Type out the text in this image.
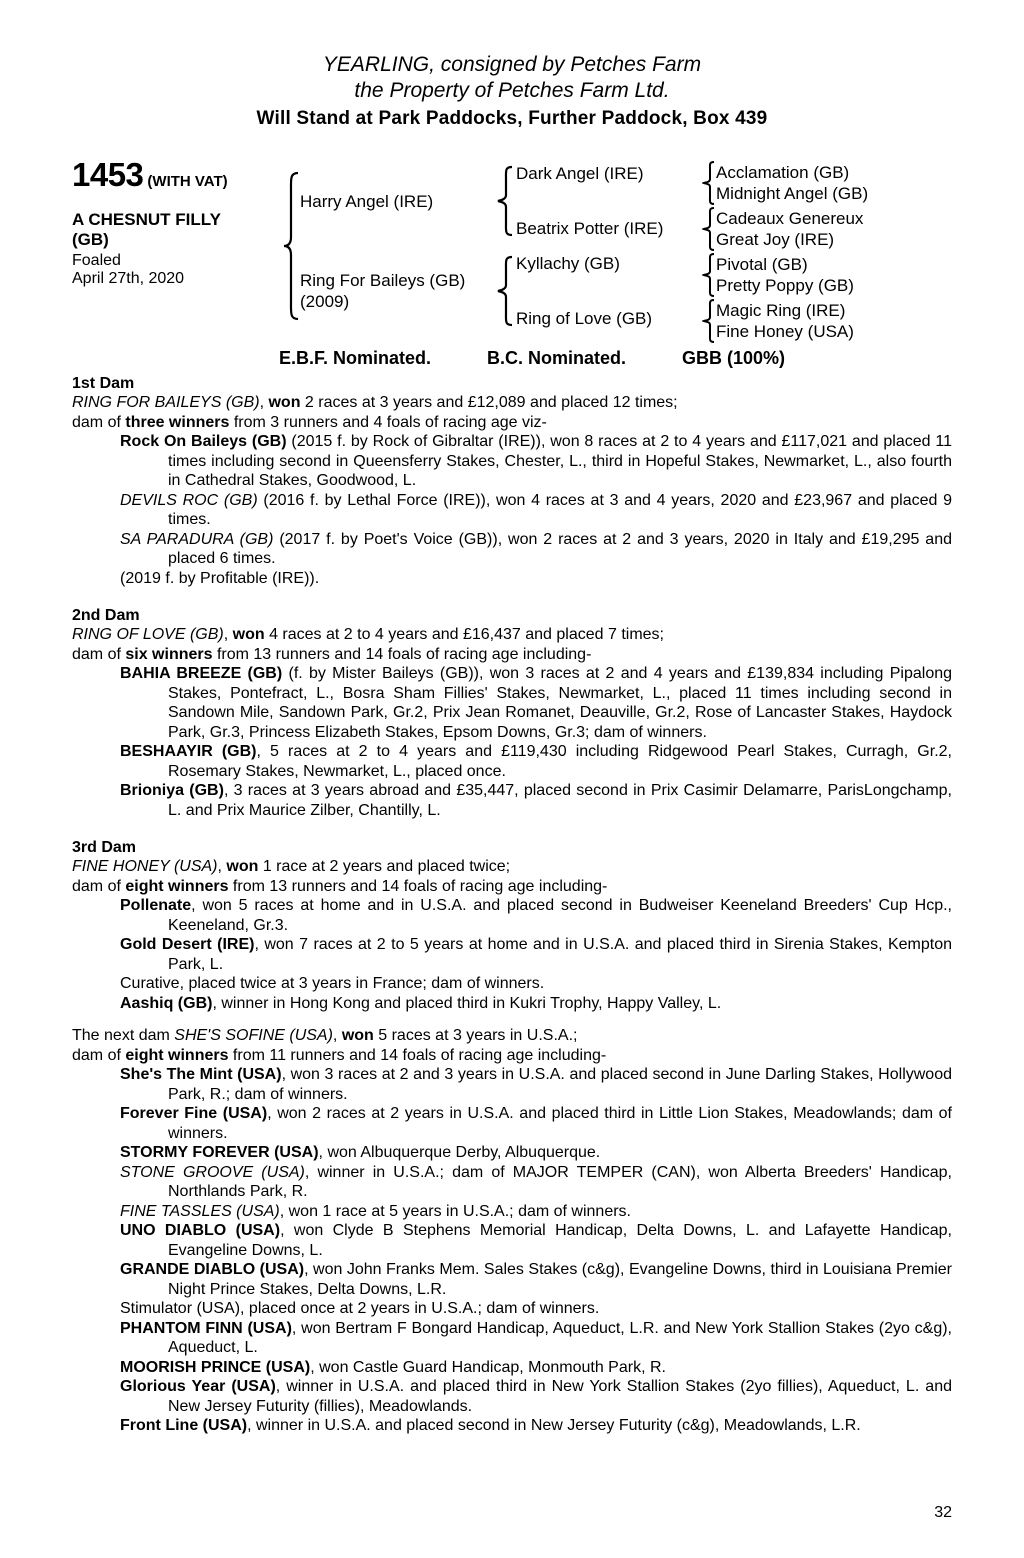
YEARLING, consigned by Petches Farm
the Property of Petches Farm Ltd.
Will Stand at Park Paddocks, Further Paddock, Box 439
1453 (WITH VAT)
A CHESNUT FILLY
(GB)
Foaled
April 27th, 2020
Harry Angel (IRE)
Ring For Baileys (GB)
(2009)
Dark Angel (IRE)
Beatrix Potter (IRE)
Kyllachy (GB)
Ring of Love (GB)
Acclamation (GB)
Midnight Angel (GB)
Cadeaux Genereux
Great Joy (IRE)
Pivotal (GB)
Pretty Poppy (GB)
Magic Ring (IRE)
Fine Honey (USA)
E.B.F. Nominated.	B.C. Nominated.	GBB (100%)
1st Dam

RING FOR BAILEYS (GB), won 2 races at 3 years and £12,089 and placed 12 times;

dam of three winners from 3 runners and 4 foals of racing age viz-

Rock On Baileys (GB) (2015 f. by Rock of Gibraltar (IRE)), won 8 races at 2 to 4 years and £117,021 and placed 11 times including second in Queensferry Stakes, Chester, L., third in Hopeful Stakes, Newmarket, L., also fourth in Cathedral Stakes, Goodwood, L.

DEVILS ROC (GB) (2016 f. by Lethal Force (IRE)), won 4 races at 3 and 4 years, 2020 and £23,967 and placed 9 times.

SA PARADURA (GB) (2017 f. by Poet's Voice (GB)), won 2 races at 2 and 3 years, 2020 in Italy and £19,295 and placed 6 times.

(2019 f. by Profitable (IRE)).

2nd Dam

RING OF LOVE (GB), won 4 races at 2 to 4 years and £16,437 and placed 7 times;

dam of six winners from 13 runners and 14 foals of racing age including-

BAHIA BREEZE (GB) (f. by Mister Baileys (GB)), won 3 races at 2 and 4 years and £139,834 including Pipalong Stakes, Pontefract, L., Bosra Sham Fillies' Stakes, Newmarket, L., placed 11 times including second in Sandown Mile, Sandown Park, Gr.2, Prix Jean Romanet, Deauville, Gr.2, Rose of Lancaster Stakes, Haydock Park, Gr.3, Princess Elizabeth Stakes, Epsom Downs, Gr.3; dam of winners.

BESHAAYIR (GB), 5 races at 2 to 4 years and £119,430 including Ridgewood Pearl Stakes, Curragh, Gr.2, Rosemary Stakes, Newmarket, L., placed once.

Brioniya (GB), 3 races at 3 years abroad and £35,447, placed second in Prix Casimir Delamarre, ParisLongchamp, L. and Prix Maurice Zilber, Chantilly, L.

3rd Dam

FINE HONEY (USA), won 1 race at 2 years and placed twice;

dam of eight winners from 13 runners and 14 foals of racing age including-

Pollenate, won 5 races at home and in U.S.A. and placed second in Budweiser Keeneland Breeders' Cup Hcp., Keeneland, Gr.3.

Gold Desert (IRE), won 7 races at 2 to 5 years at home and in U.S.A. and placed third in Sirenia Stakes, Kempton Park, L.

Curative, placed twice at 3 years in France; dam of winners.

Aashiq (GB), winner in Hong Kong and placed third in Kukri Trophy, Happy Valley, L.

The next dam SHE'S SOFINE (USA), won 5 races at 3 years in U.S.A.;

dam of eight winners from 11 runners and 14 foals of racing age including-

She's The Mint (USA), won 3 races at 2 and 3 years in U.S.A. and placed second in June Darling Stakes, Hollywood Park, R.; dam of winners.

Forever Fine (USA), won 2 races at 2 years in U.S.A. and placed third in Little Lion Stakes, Meadowlands; dam of winners.

STORMY FOREVER (USA), won Albuquerque Derby, Albuquerque.

STONE GROOVE (USA), winner in U.S.A.; dam of MAJOR TEMPER (CAN), won Alberta Breeders' Handicap, Northlands Park, R.

FINE TASSLES (USA), won 1 race at 5 years in U.S.A.; dam of winners.

UNO DIABLO (USA), won Clyde B Stephens Memorial Handicap, Delta Downs, L. and Lafayette Handicap, Evangeline Downs, L.

GRANDE DIABLO (USA), won John Franks Mem. Sales Stakes (c&g), Evangeline Downs, third in Louisiana Premier Night Prince Stakes, Delta Downs, L.R.

Stimulator (USA), placed once at 2 years in U.S.A.; dam of winners.

PHANTOM FINN (USA), won Bertram F Bongard Handicap, Aqueduct, L.R. and New York Stallion Stakes (2yo c&g), Aqueduct, L.

MOORISH PRINCE (USA), won Castle Guard Handicap, Monmouth Park, R.

Glorious Year (USA), winner in U.S.A. and placed third in New York Stallion Stakes (2yo fillies), Aqueduct, L. and New Jersey Futurity (fillies), Meadowlands.

Front Line (USA), winner in U.S.A. and placed second in New Jersey Futurity (c&g), Meadowlands, L.R.

32
